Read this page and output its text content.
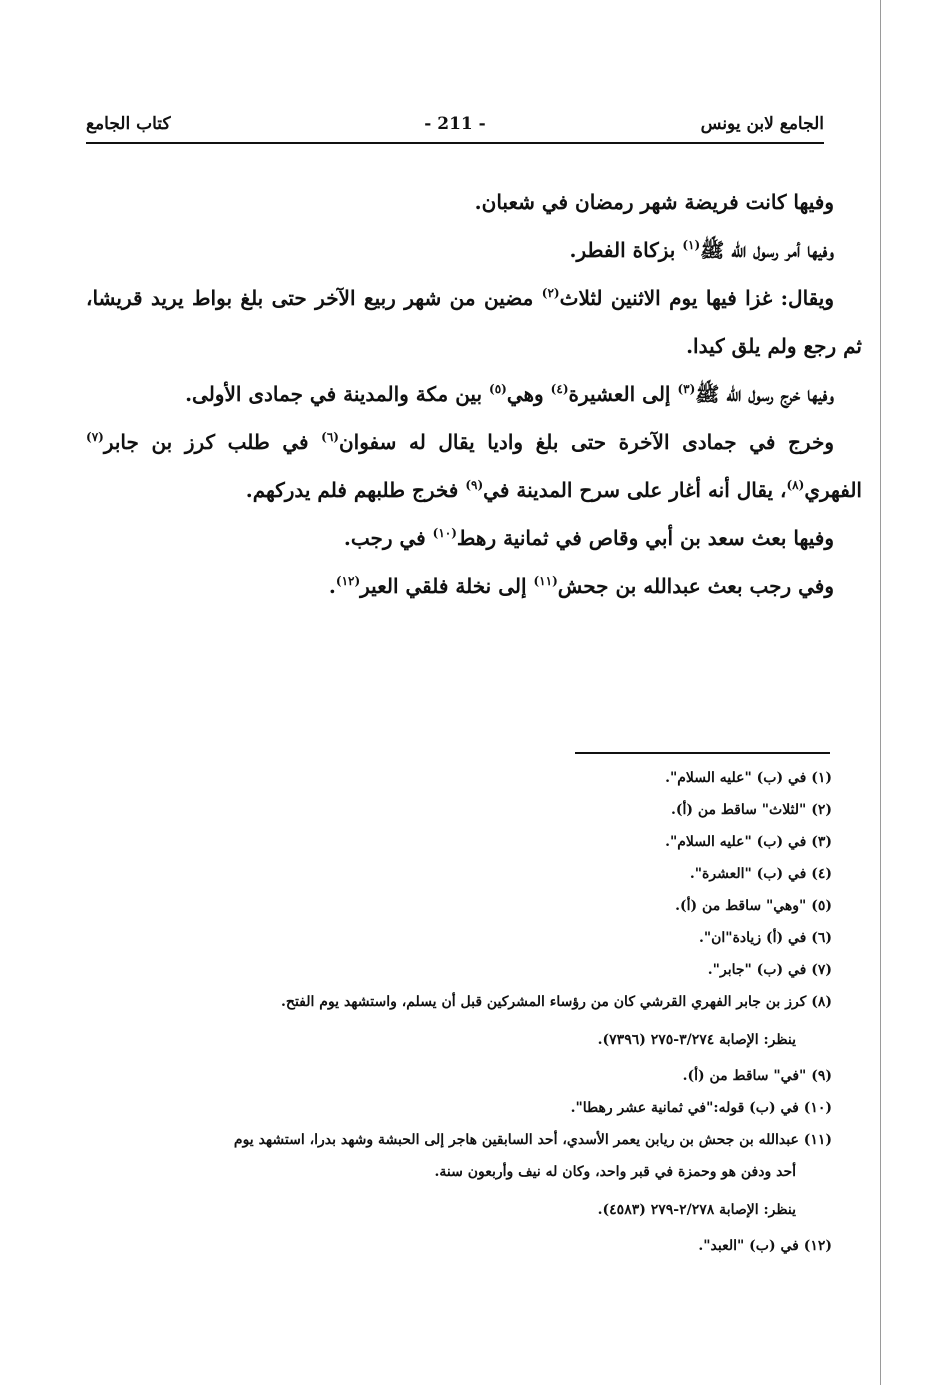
الجامع لابن يونس
- 211 -
كتاب الجامع

وفيها كانت فريضة شهر رمضان في شعبان.

وفيها أمر رسول الله ﷺ$^{(١)}$ بزكاة الفطر.

ويقال: غزا فيها يوم الاثنين لثلاث$^{(٢)}$ مضين من شهر ربيع الآخر حتى بلغ بواط يريد قريشا، ثم رجع ولم يلق كيدا.

وفيها خرج رسول الله ﷺ$^{(٣)}$ إلى العشيرة$^{(٤)}$ وهي$^{(٥)}$ بين مكة والمدينة في جمادى الأولى.

وخرج في جمادى الآخرة حتى بلغ واديا يقال له سفوان$^{(٦)}$ في طلب كرز بن جابر$^{(٧)}$ الفهري$^{(٨)}$، يقال أنه أغار على سرح المدينة في$^{(٩)}$ فخرج طلبهم فلم يدركهم.

وفيها بعث سعد بن أبي وقاص في ثمانية رهط$^{(١٠)}$ في رجب.

وفي رجب بعث عبدالله بن جحش$^{(١١)}$ إلى نخلة فلقي العير$^{(١٢)}$.

(١) في (ب) "عليه السلام".

(٢) "لثلاث" ساقط من (أ).

(٣) في (ب) "عليه السلام".

(٤) في (ب) "العشرة".

(٥) "وهي" ساقط من (أ).

(٦) في (أ) زيادة"ان".

(٧) في (ب) "جابر".

(٨) كرز بن جابر الفهري القرشي كان من رؤساء المشركين قبل أن يسلم، واستشهد يوم الفتح.

ينظر: الإصابة ٣/٢٧٤-٢٧٥ (٧٣٩٦).

(٩) "في" ساقط من (أ).

(١٠) في (ب) قوله:"في ثمانية عشر رهطا".

(١١) عبدالله بن جحش بن ريابن يعمر الأسدي، أحد السابقين هاجر إلى الحبشة وشهد بدرا، استشهد يوم

أحد ودفن هو وحمزة في قبر واحد، وكان له نيف وأربعون سنة.

ينظر: الإصابة ٢/٢٧٨-٢٧٩ (٤٥٨٣).

(١٢) في (ب) "العبد".
